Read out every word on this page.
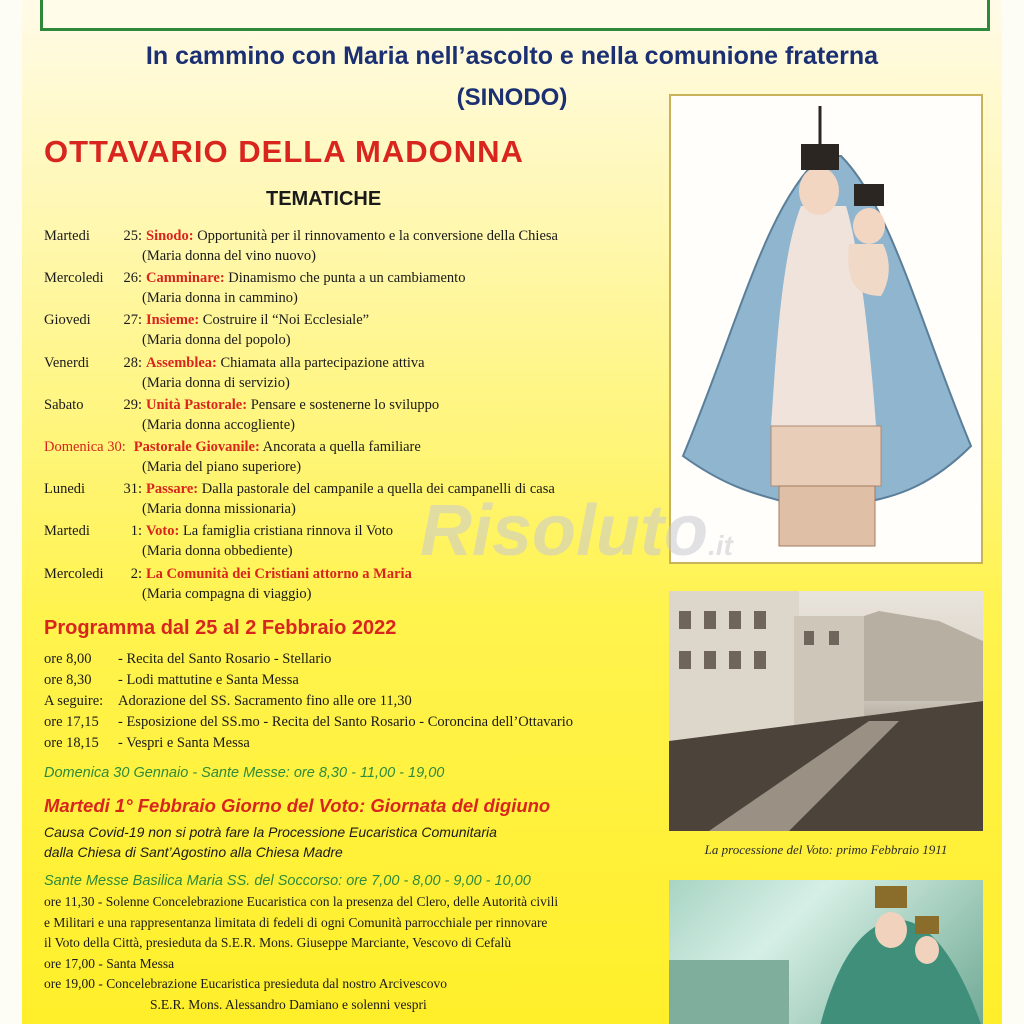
In cammino con Maria nell’ascolto e nella comunione fraterna
(SINODO)
OTTAVARIO DELLA MADONNA
TEMATICHE
Martedi 25: Sinodo: Opportunità per il rinnovamento e la conversione della Chiesa
(Maria donna del vino nuovo)
Mercoledi 26: Camminare: Dinamismo che punta a un cambiamento
(Maria donna in cammino)
Giovedi 27: Insieme: Costruire il “Noi Ecclesiale”
(Maria donna del popolo)
Venerdi 28: Assemblea: Chiamata alla partecipazione attiva
(Maria donna di servizio)
Sabato	29: Unità Pastorale: Pensare e sostenerne lo sviluppo
(Maria donna accogliente)
Domenica 30: Pastorale Giovanile: Ancorata a quella familiare
(Maria del piano superiore)
Lunedi	31: Passare: Dalla pastorale del campanile a quella dei campanelli di casa
(Maria donna missionaria)
Martedi	1: Voto: La famiglia cristiana rinnova il Voto
(Maria donna obbediente)
Mercoledi 2: La Comunità dei Cristiani attorno a Maria
(Maria compagna di viaggio)
Programma dal 25 al 2 Febbraio 2022
ore 8,00 - Recita del Santo Rosario - Stellario
ore 8,30 - Lodi mattutine e Santa Messa
A seguire: Adorazione del SS. Sacramento fino alle ore 11,30
ore 17,15 - Esposizione del SS.mo - Recita del Santo Rosario - Coroncina dell’Ottavario
ore 18,15 - Vespri e Santa Messa
Domenica 30 Gennaio - Sante Messe: ore 8,30 - 11,00 - 19,00
Martedi 1° Febbraio Giorno del Voto: Giornata del digiuno
Causa Covid-19 non si potrà fare la Processione Eucaristica Comunitaria
dalla Chiesa di Sant’Agostino alla Chiesa Madre
Sante Messe Basilica Maria SS. del Soccorso: ore 7,00 - 8,00 - 9,00 - 10,00
ore 11,30 - Solenne Concelebrazione Eucaristica con la presenza del Clero, delle Autorità civili
e Militari e una rappresentanza limitata di fedeli di ogni Comunità parrocchiale per rinnovare
il Voto della Città, presieduta da S.E.R. Mons. Giuseppe Marciante, Vescovo di Cefalù
ore 17,00 - Santa Messa
ore 19,00 - Concelebrazione Eucaristica presieduta dal nostro Arcivescovo
S.E.R. Mons. Alessandro Damiano e solenni vespri
La processione del Voto: primo Febbraio 1911
Risoluto.it
